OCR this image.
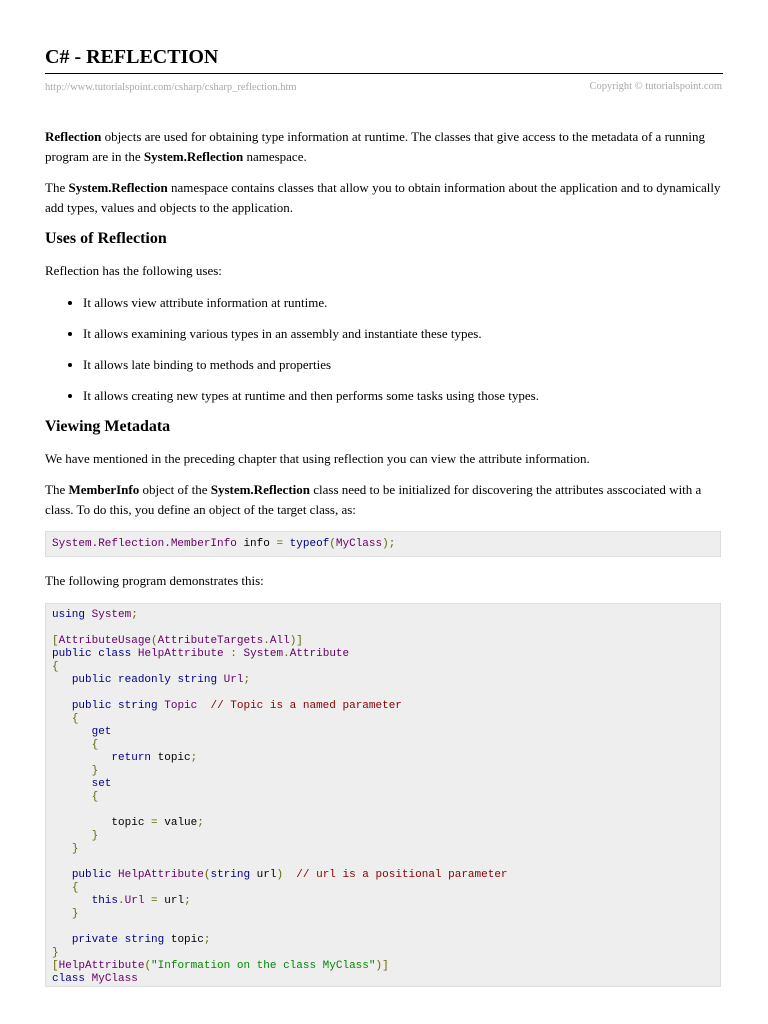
C# - REFLECTION
http://www.tutorialspoint.com/csharp/csharp_reflection.htm	Copyright © tutorialspoint.com

Reflection objects are used for obtaining type information at runtime. The classes that give access to the metadata of a running program are in the System.Reflection namespace.

The System.Reflection namespace contains classes that allow you to obtain information about the application and to dynamically add types, values and objects to the application.

Uses of Reflection

Reflection has the following uses:

• It allows view attribute information at runtime.
• It allows examining various types in an assembly and instantiate these types.
• It allows late binding to methods and properties
• It allows creating new types at runtime and then performs some tasks using those types.
Viewing Metadata

We have mentioned in the preceding chapter that using reflection you can view the attribute information.

The MemberInfo object of the System.Reflection class need to be initialized for discovering the attributes asscociated with a class. To do this, you define an object of the target class, as:

System.Reflection.MemberInfo info = typeof(MyClass);

The following program demonstrates this:

using System;
[AttributeUsage(AttributeTargets.All)]
public class HelpAttribute : System.Attribute
{
public readonly string Url;
public string Topic // Topic is a named parameter
{
get
{
return topic;
}
set
{
topic = value;
}
}
public HelpAttribute(string url) // url is a positional parameter
{
this.Url = url;
}
private string topic;
}
[HelpAttribute("Information on the class MyClass")]
class MyClass
